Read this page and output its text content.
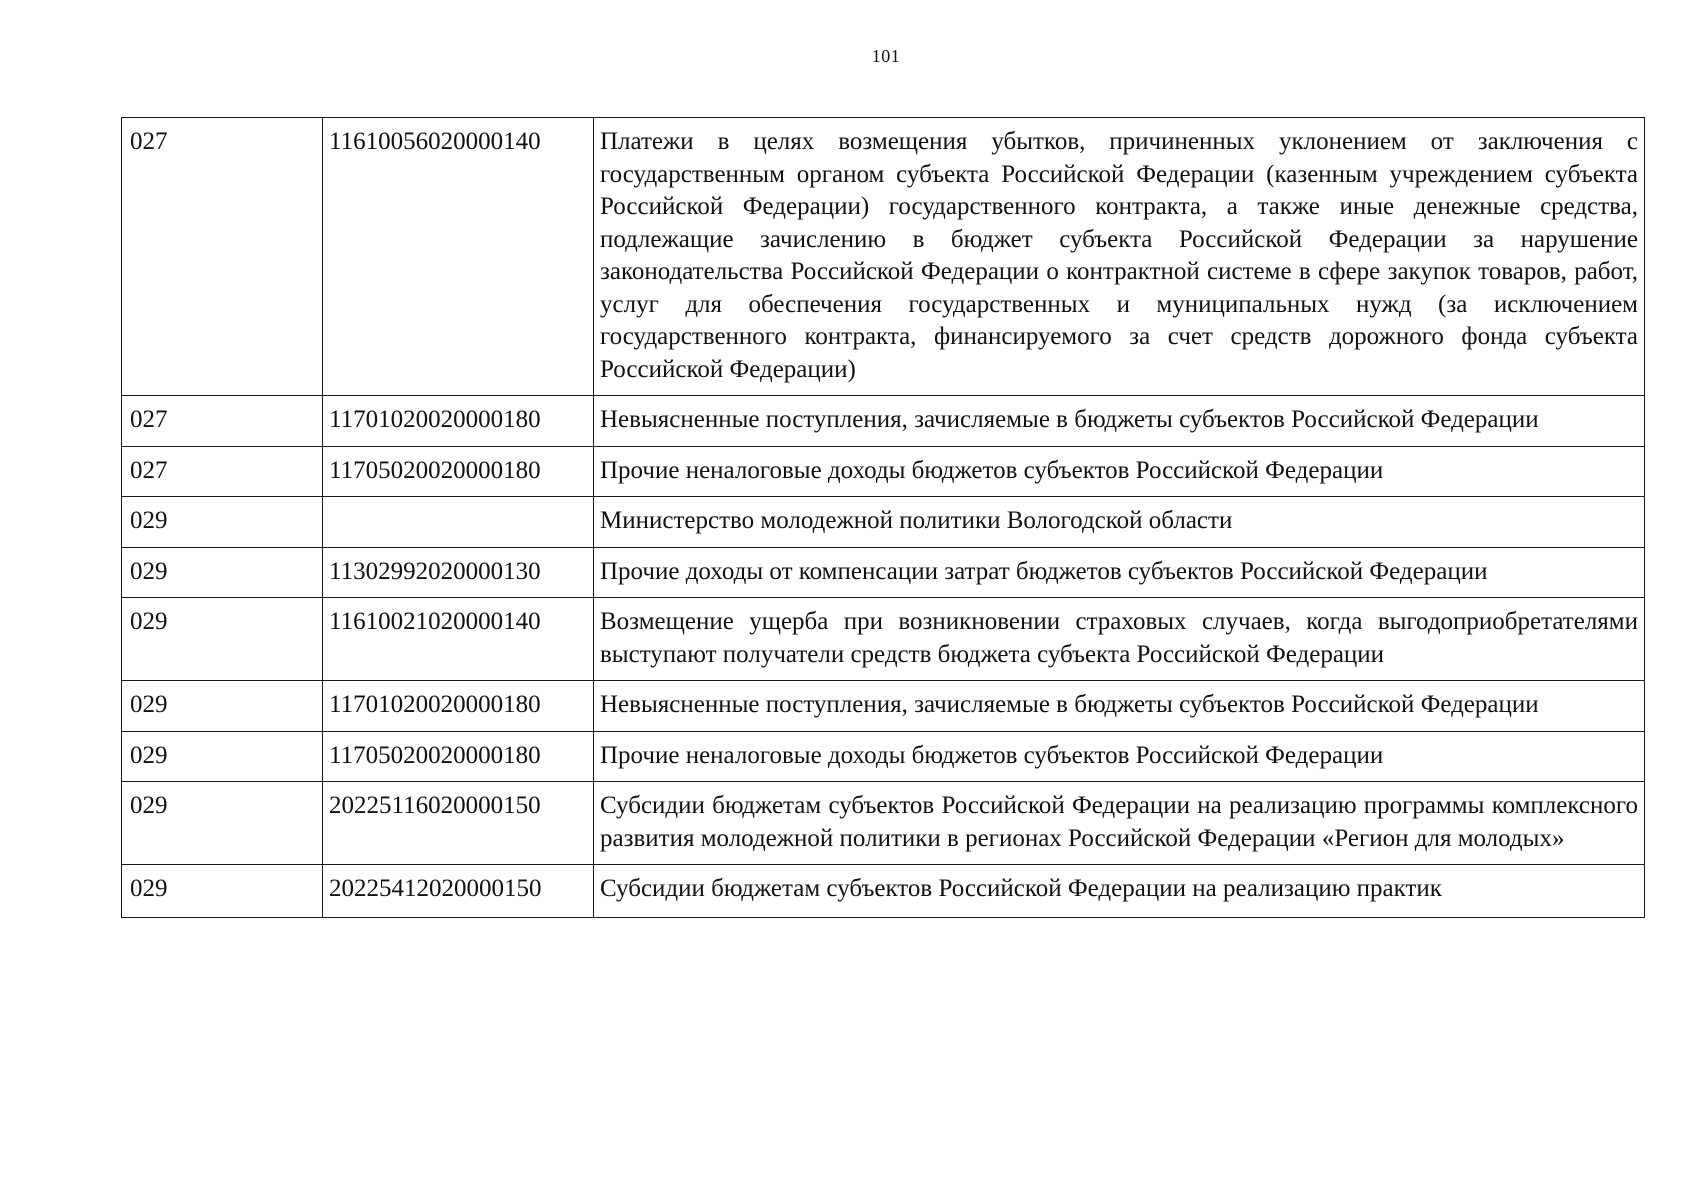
101
027	11610056020000140	Платежи в целях возмещения убытков, причиненных уклонением от заключения с государственным органом субъекта Российской Федерации (казенным учреждением субъекта Российской Федерации) государственного контракта, а также иные денежные средства, подлежащие зачислению в бюджет субъекта Российской Федерации за нарушение законодательства Российской Федерации о контрактной системе в сфере закупок товаров, работ, услуг для обеспечения государственных и муниципальных нужд (за исключением государственного контракта, финансируемого за счет средств дорожного фонда субъекта Российской Федерации)
027	11701020020000180	Невыясненные поступления, зачисляемые в бюджеты субъектов Российской Федерации
027	11705020020000180	Прочие неналоговые доходы бюджетов субъектов Российской Федерации
029		Министерство молодежной политики Вологодской области
029	11302992020000130	Прочие доходы от компенсации затрат бюджетов субъектов Российской Федерации
029	11610021020000140	Возмещение ущерба при возникновении страховых случаев, когда выгодоприобретателями выступают получатели средств бюджета субъекта Российской Федерации
029	11701020020000180	Невыясненные поступления, зачисляемые в бюджеты субъектов Российской Федерации
029	11705020020000180	Прочие неналоговые доходы бюджетов субъектов Российской Федерации
029	20225116020000150	Субсидии бюджетам субъектов Российской Федерации на реализацию программы комплексного развития молодежной политики в регионах Российской Федерации «Регион для молодых»
029	20225412020000150	Субсидии бюджетам субъектов Российской Федерации на реализацию практик
